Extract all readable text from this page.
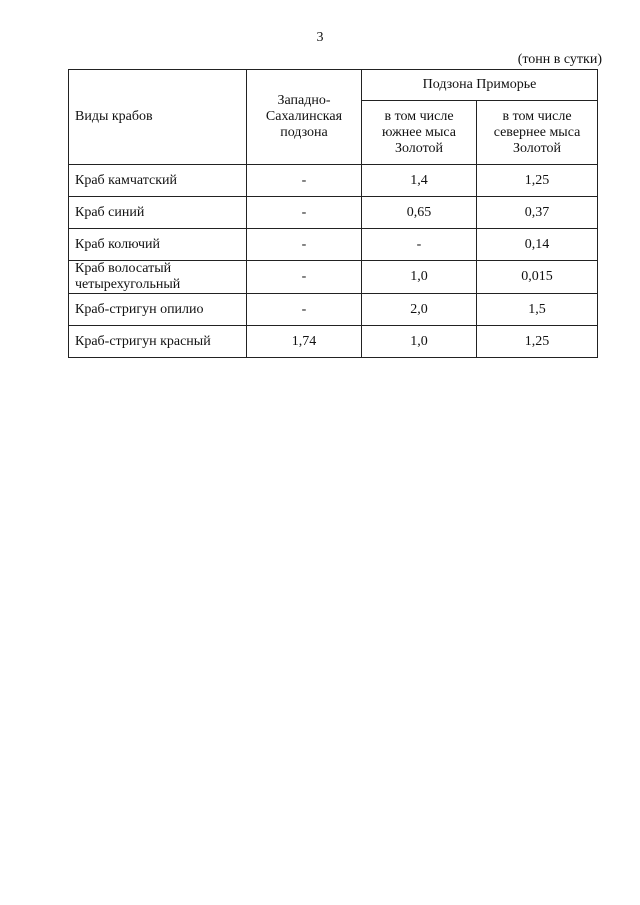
3
(тонн в сутки)
Виды крабов	Западно-Сахалинская подзона	Подзона Приморье	
		в том числе южнее мыса Золотой	в том числе севернее мыса Золотой
Краб камчатский	-	1,4	1,25
Краб синий	-	0,65	0,37
Краб колючий	-	-	0,14
Краб волосатый четырехугольный	-	1,0	0,015
Краб-стригун опилио	-	2,0	1,5
Краб-стригун красный	1,74	1,0	1,25
